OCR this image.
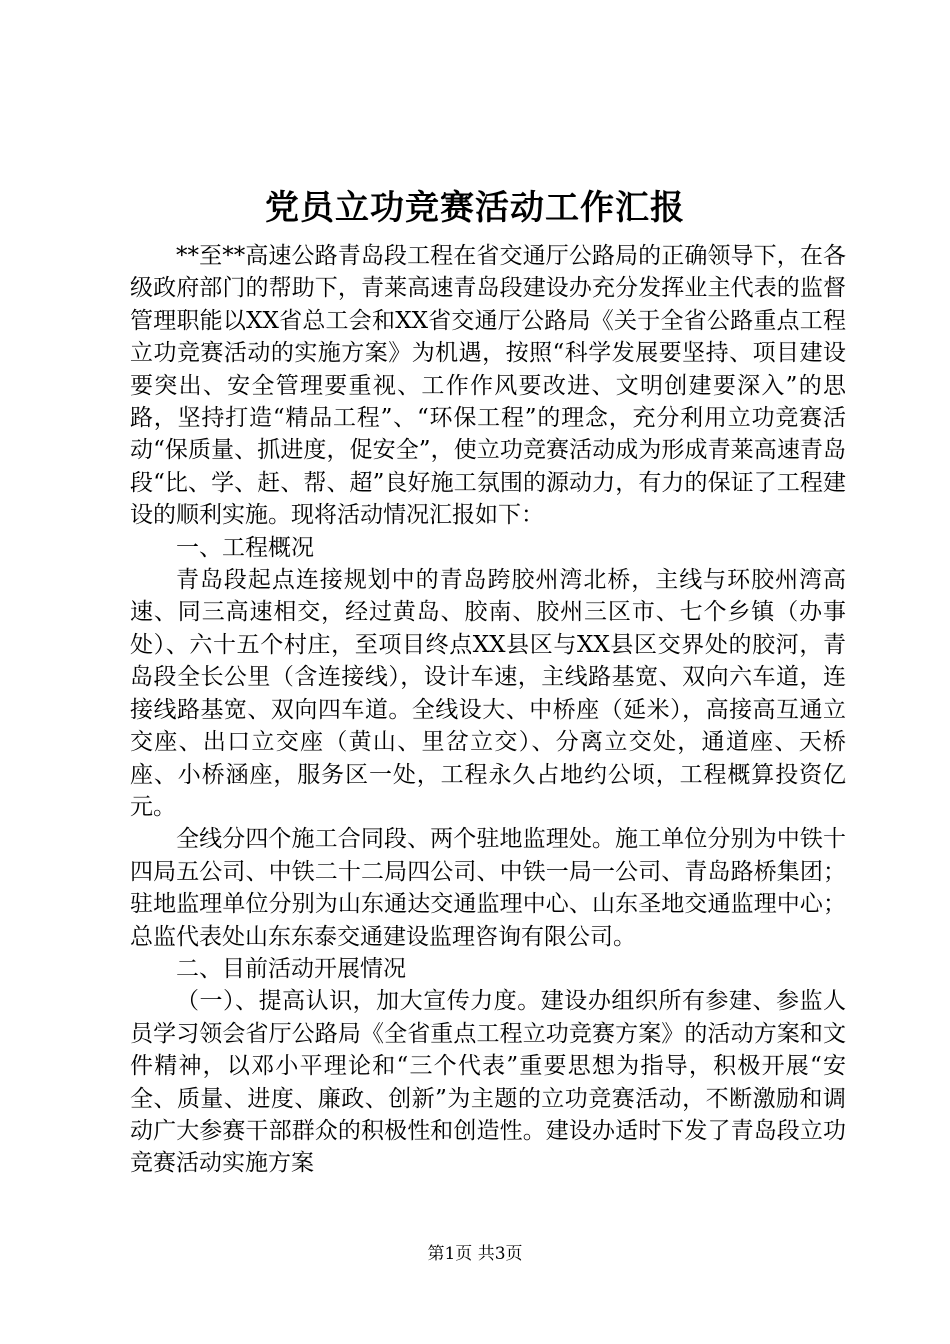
党员立功竞赛活动工作汇报

**至**高速公路青岛段工程在省交通厅公路局的正确领导下，在各级政府部门的帮助下，青莱高速青岛段建设办充分发挥业主代表的监督管理职能以XX省总工会和XX省交通厅公路局《关于全省公路重点工程立功竞赛活动的实施方案》为机遇，按照“科学发展要坚持、项目建设要突出、安全管理要重视、工作作风要改进、文明创建要深入”的思路，坚持打造“精品工程”、“环保工程”的理念，充分利用立功竞赛活动“保质量、抓进度，促安全”，使立功竞赛活动成为形成青莱高速青岛段“比、学、赶、帮、超”良好施工氛围的源动力，有力的保证了工程建设的顺利实施。现将活动情况汇报如下：

一、工程概况

青岛段起点连接规划中的青岛跨胶州湾北桥，主线与环胶州湾高速、同三高速相交，经过黄岛、胶南、胶州三区市、七个乡镇（办事处）、六十五个村庄，至项目终点XX县区与XX县区交界处的胶河，青岛段全长公里（含连接线），设计车速，主线路基宽、双向六车道，连接线路基宽、双向四车道。全线设大、中桥座（延米），高接高互通立交座、出口立交座（黄山、里岔立交）、分离立交处，通道座、天桥座、小桥涵座，服务区一处，工程永久占地约公顷，工程概算投资亿元。

全线分四个施工合同段、两个驻地监理处。施工单位分别为中铁十四局五公司、中铁二十二局四公司、中铁一局一公司、青岛路桥集团；驻地监理单位分别为山东通达交通监理中心、山东圣地交通监理中心；总监代表处山东东泰交通建设监理咨询有限公司。

二、目前活动开展情况

（一）、提高认识，加大宣传力度。建设办组织所有参建、参监人员学习领会省厅公路局《全省重点工程立功竞赛方案》的活动方案和文件精神，以邓小平理论和“三个代表”重要思想为指导，积极开展“安全、质量、进度、廉政、创新”为主题的立功竞赛活动，不断激励和调动广大参赛干部群众的积极性和创造性。建设办适时下发了青岛段立功竞赛活动实施方案

第1页 共3页
